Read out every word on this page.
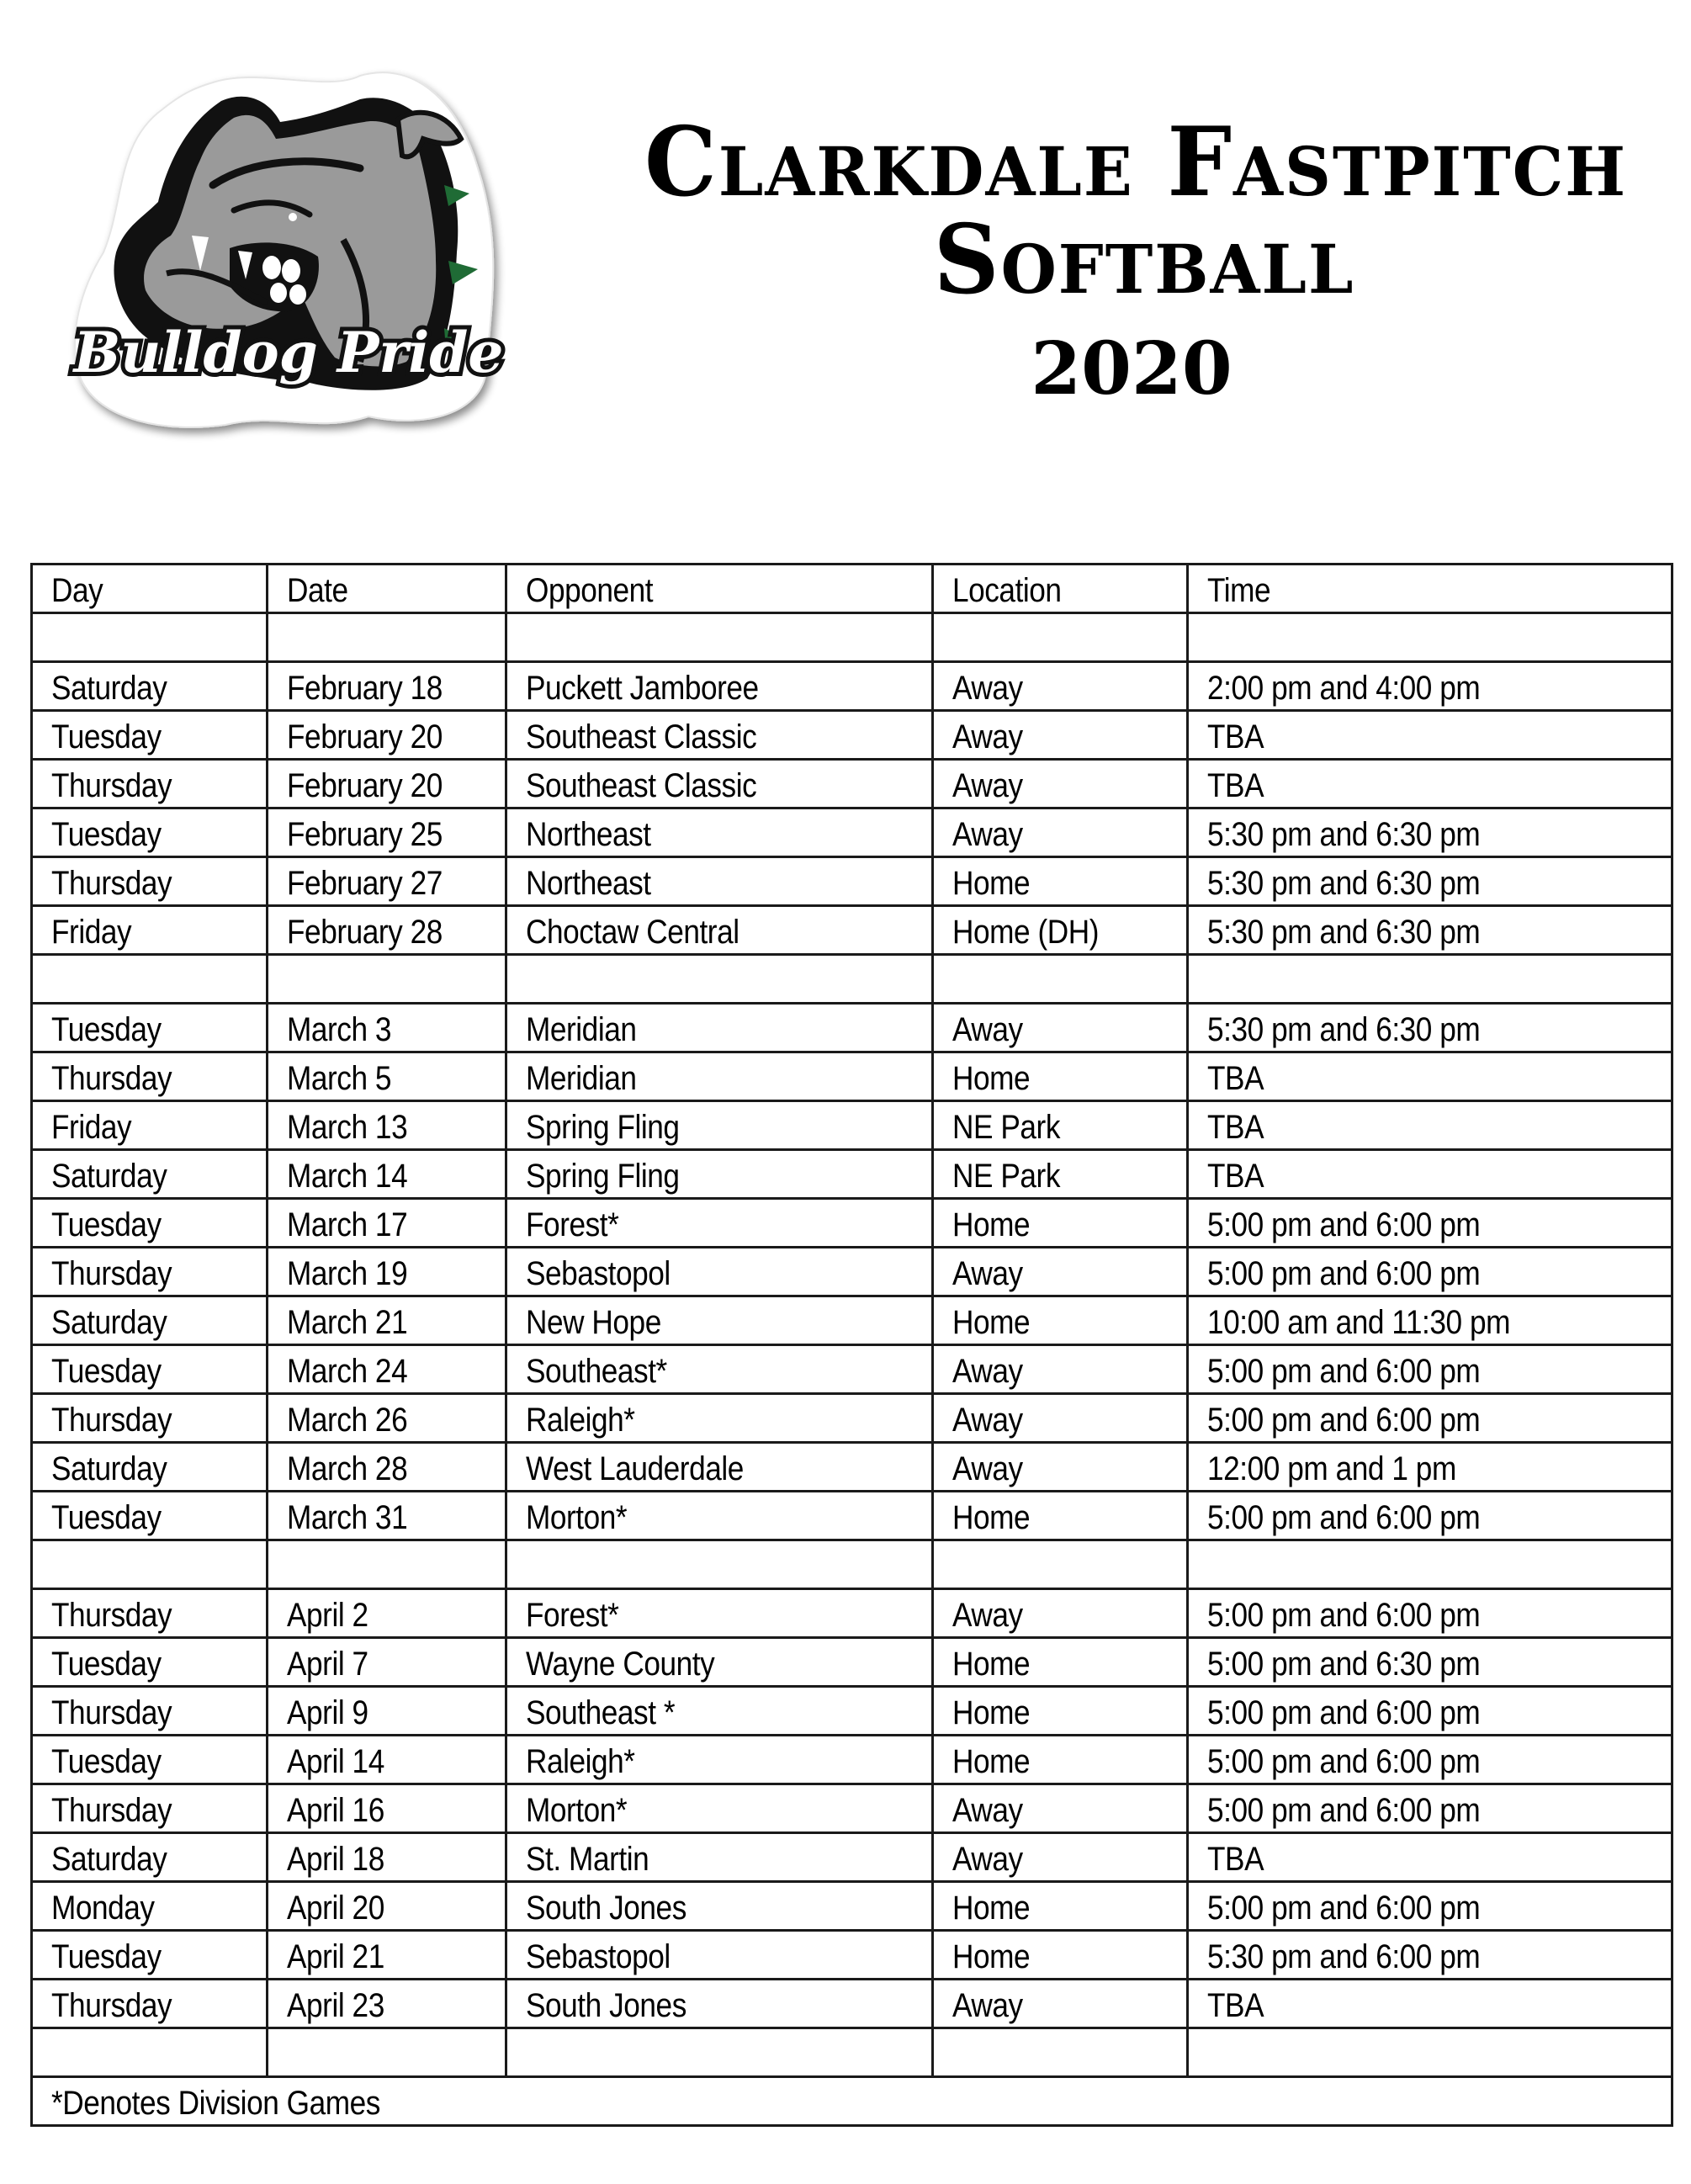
Bulldog Pride
Clarkdale Fastpitch
Softball
2020
Day	Date	Opponent	Location	Time

Saturday	February 18	Puckett Jamboree	Away	2:00 pm and 4:00 pm
Tuesday	February 20	Southeast Classic	Away	TBA
Thursday	February 20	Southeast Classic	Away	TBA
Tuesday	February 25	Northeast	Away	5:30 pm and 6:30 pm
Thursday	February 27	Northeast	Home	5:30 pm and 6:30 pm
Friday	February 28	Choctaw Central	Home (DH)	5:30 pm and 6:30 pm

Tuesday	March 3	Meridian	Away	5:30 pm and 6:30 pm
Thursday	March 5	Meridian	Home	TBA
Friday	March 13	Spring Fling	NE Park	TBA
Saturday	March 14	Spring Fling	NE Park	TBA
Tuesday	March 17	Forest*	Home	5:00 pm and 6:00 pm
Thursday	March 19	Sebastopol	Away	5:00 pm and 6:00 pm
Saturday	March 21	New Hope	Home	10:00 am and 11:30 pm
Tuesday	March 24	Southeast*	Away	5:00 pm and 6:00 pm
Thursday	March 26	Raleigh*	Away	5:00 pm and 6:00 pm
Saturday	March 28	West Lauderdale	Away	12:00 pm and 1 pm
Tuesday	March 31	Morton*	Home	5:00 pm and 6:00 pm

Thursday	April 2	Forest*	Away	5:00 pm and 6:00 pm
Tuesday	April 7	Wayne County	Home	5:00 pm and 6:30 pm
Thursday	April 9	Southeast *	Home	5:00 pm and 6:00 pm
Tuesday	April 14	Raleigh*	Home	5:00 pm and 6:00 pm
Thursday	April 16	Morton*	Away	5:00 pm and 6:00 pm
Saturday	April 18	St. Martin	Away	TBA
Monday	April 20	South Jones	Home	5:00 pm and 6:00 pm
Tuesday	April 21	Sebastopol	Home	5:30 pm and 6:00 pm
Thursday	April 23	South Jones	Away	TBA

*Denotes Division Games				
